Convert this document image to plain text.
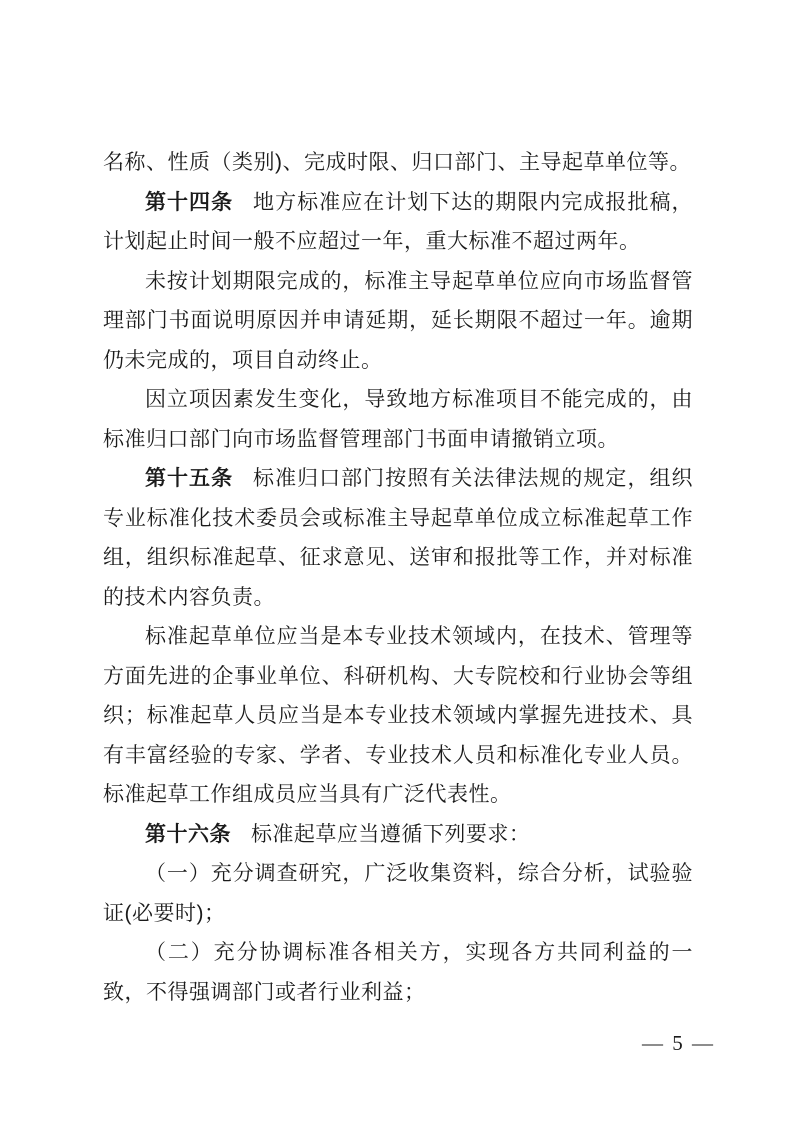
名称、性质（类别)、完成时限、归口部门、主导起草单位等。

第十四条 地方标准应在计划下达的期限内完成报批稿，计划起止时间一般不应超过一年，重大标准不超过两年。

未按计划期限完成的，标准主导起草单位应向市场监督管理部门书面说明原因并申请延期，延长期限不超过一年。逾期仍未完成的，项目自动终止。

因立项因素发生变化，导致地方标准项目不能完成的，由标准归口部门向市场监督管理部门书面申请撤销立项。

第十五条 标准归口部门按照有关法律法规的规定，组织专业标准化技术委员会或标准主导起草单位成立标准起草工作组，组织标准起草、征求意见、送审和报批等工作，并对标准的技术内容负责。

标准起草单位应当是本专业技术领域内，在技术、管理等方面先进的企事业单位、科研机构、大专院校和行业协会等组织；标准起草人员应当是本专业技术领域内掌握先进技术、具有丰富经验的专家、学者、专业技术人员和标准化专业人员。标准起草工作组成员应当具有广泛代表性。

第十六条 标准起草应当遵循下列要求：

（一）充分调查研究，广泛收集资料，综合分析，试验验证(必要时)；

（二）充分协调标准各相关方，实现各方共同利益的一致，不得强调部门或者行业利益；

— 5 —
